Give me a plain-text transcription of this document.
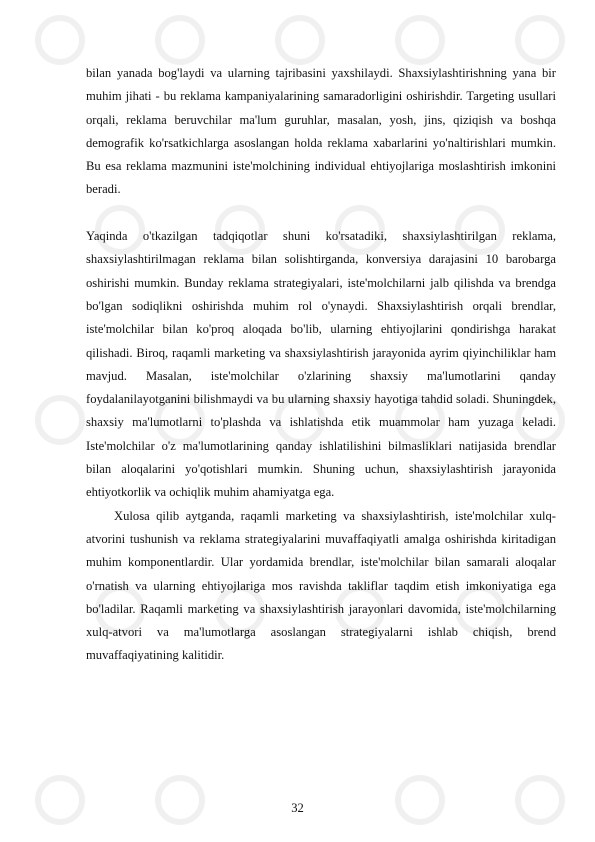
bilan yanada bog'laydi va ularning tajribasini yaxshilaydi. Shaxsiylashtirishning yana bir muhim jihati - bu reklama kampaniyalarining samaradorligini oshirishdir. Targeting usullari orqali, reklama beruvchilar ma'lum guruhlar, masalan, yosh, jins, qiziqish va boshqa demografik ko'rsatkichlarga asoslangan holda reklama xabarlarini yo'naltirishlari mumkin. Bu esa reklama mazmunini iste'molchining individual ehtiyojlariga moslashtirish imkonini beradi.

Yaqinda o'tkazilgan tadqiqotlar shuni ko'rsatadiki, shaxsiylashtirilgan reklama, shaxsiylashtirilmagan reklama bilan solishtirganda, konversiya darajasini 10 barobarga oshirishi mumkin. Bunday reklama strategiyalari, iste'molchilarni jalb qilishda va brendga bo'lgan sodiqlikni oshirishda muhim rol o'ynaydi. Shaxsiylashtirish orqali brendlar, iste'molchilar bilan ko'proq aloqada bo'lib, ularning ehtiyojlarini qondirishga harakat qilishadi. Biroq, raqamli marketing va shaxsiylashtirish jarayonida ayrim qiyinchiliklar ham mavjud. Masalan, iste'molchilar o'zlarining shaxsiy ma'lumotlarini qanday foydalanilayotganini bilishmaydi va bu ularning shaxsiy hayotiga tahdid soladi. Shuningdek, shaxsiy ma'lumotlarni to'plashda va ishlatishda etik muammolar ham yuzaga keladi. Iste'molchilar o'z ma'lumotlarining qanday ishlatilishini bilmasliklari natijasida brendlar bilan aloqalarini yo'qotishlari mumkin. Shuning uchun, shaxsiylashtirish jarayonida ehtiyotkorlik va ochiqlik muhim ahamiyatga ega.

Xulosa qilib aytganda, raqamli marketing va shaxsiylashtirish, iste'molchilar xulq-atvorini tushunish va reklama strategiyalarini muvaffaqiyatli amalga oshirishda kiritadigan muhim komponentlardir. Ular yordamida brendlar, iste'molchilar bilan samarali aloqalar o'rnatish va ularning ehtiyojlariga mos ravishda takliflar taqdim etish imkoniyatiga ega bo'ladilar. Raqamli marketing va shaxsiylashtirish jarayonlari davomida, iste'molchilarning xulq-atvori va ma'lumotlarga asoslangan strategiyalarni ishlab chiqish, brend muvaffaqiyatining kalitidir.

32
